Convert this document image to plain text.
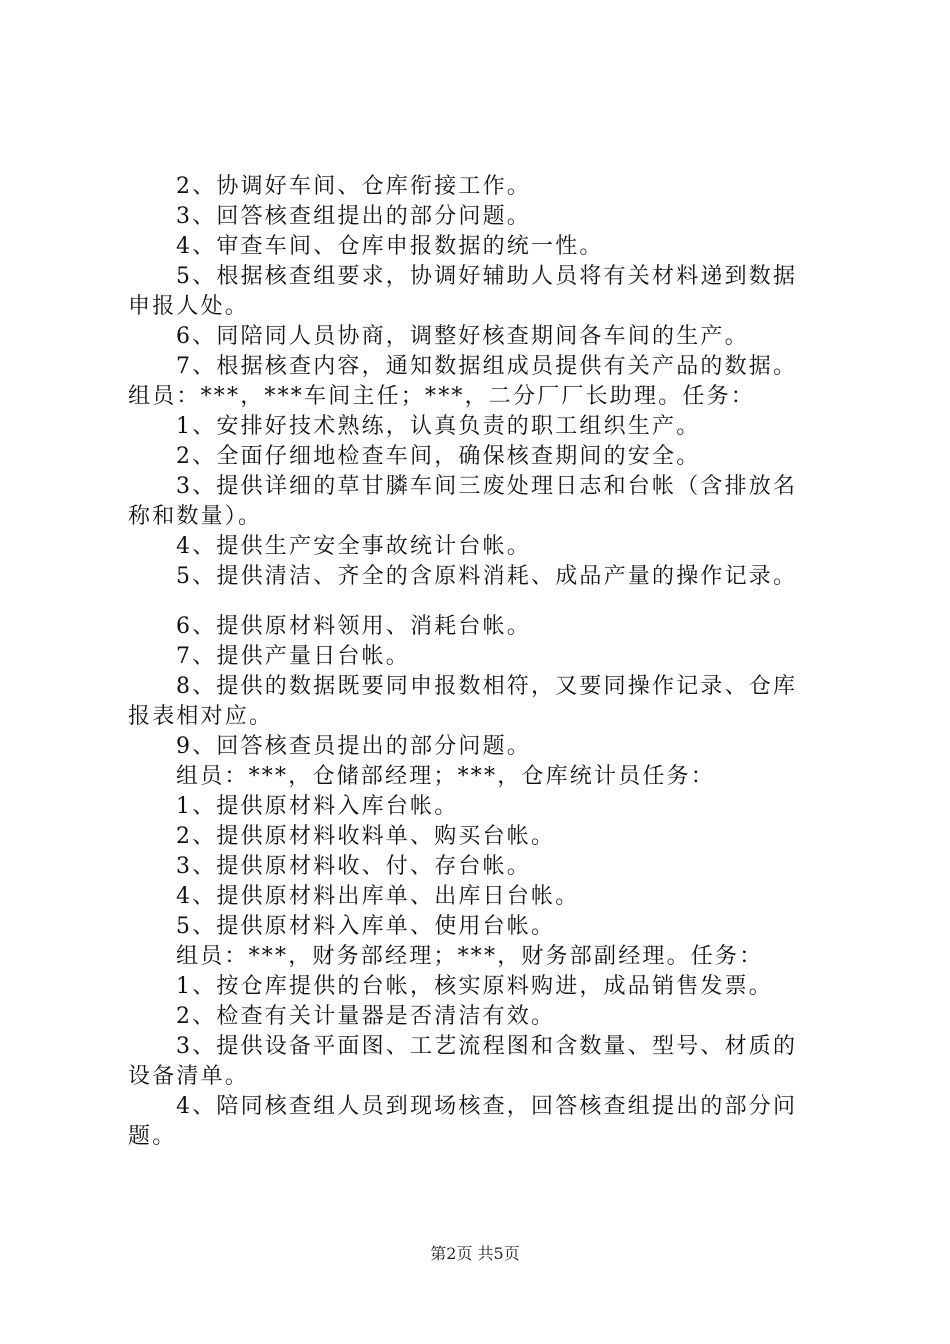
2、协调好车间、仓库衔接工作。
3、回答核查组提出的部分问题。
4、审查车间、仓库申报数据的统一性。
5、根据核查组要求，协调好辅助人员将有关材料递到数据
申报人处。
6、同陪同人员协商，调整好核查期间各车间的生产。
7、根据核查内容，通知数据组成员提供有关产品的数据。
组员：***，***车间主任；***，二分厂厂长助理。任务：
1、安排好技术熟练，认真负责的职工组织生产。
2、全面仔细地检查车间，确保核查期间的安全。
3、提供详细的草甘膦车间三废处理日志和台帐（含排放名
称和数量）。
4、提供生产安全事故统计台帐。
5、提供清洁、齐全的含原料消耗、成品产量的操作记录。
6、提供原材料领用、消耗台帐。
7、提供产量日台帐。
8、提供的数据既要同申报数相符，又要同操作记录、仓库
报表相对应。
9、回答核查员提出的部分问题。
组员：***，仓储部经理；***，仓库统计员任务：
1、提供原材料入库台帐。
2、提供原材料收料单、购买台帐。
3、提供原材料收、付、存台帐。
4、提供原材料出库单、出库日台帐。
5、提供原材料入库单、使用台帐。
组员：***，财务部经理；***，财务部副经理。任务：
1、按仓库提供的台帐，核实原料购进，成品销售发票。
2、检查有关计量器是否清洁有效。
3、提供设备平面图、工艺流程图和含数量、型号、材质的
设备清单。
4、陪同核查组人员到现场核查，回答核查组提出的部分问
题。
第2页 共5页
